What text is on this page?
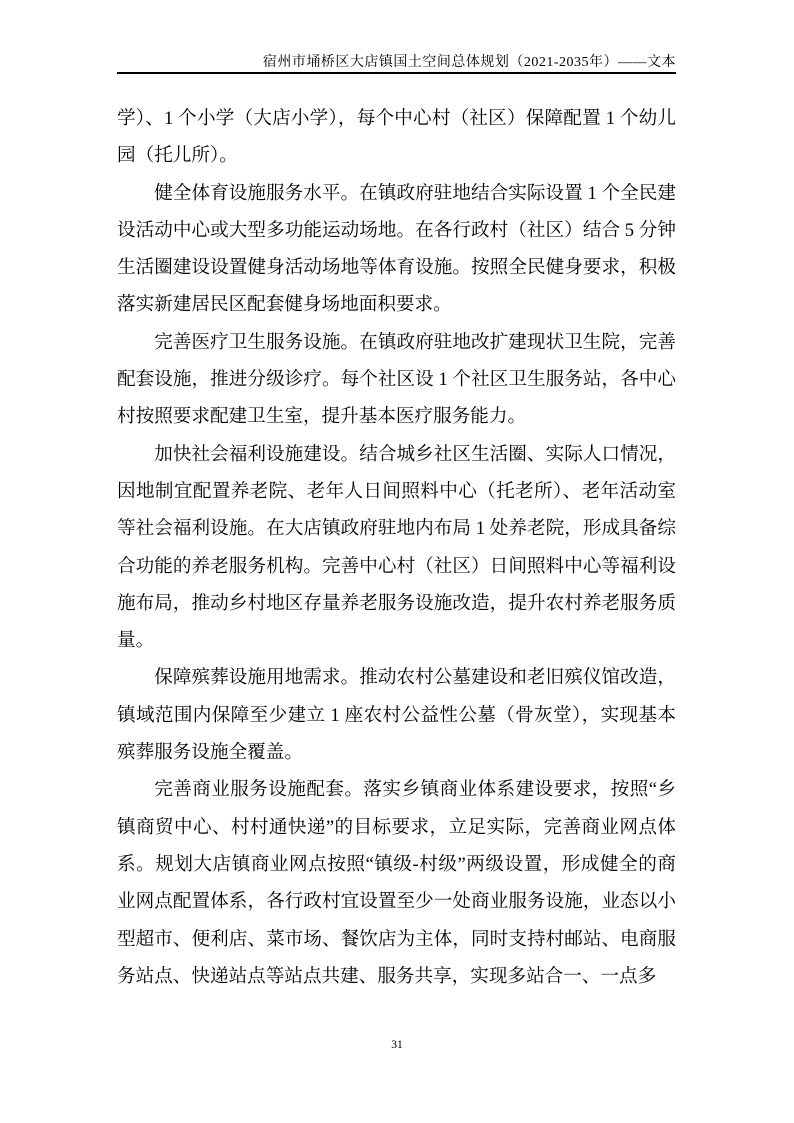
宿州市埇桥区大店镇国土空间总体规划（2021-2035年）——文本

学）、1 个小学（大店小学），每个中心村（社区）保障配置 1 个幼儿园（托儿所）。

健全体育设施服务水平。在镇政府驻地结合实际设置 1 个全民建设活动中心或大型多功能运动场地。在各行政村（社区）结合 5 分钟生活圈建设设置健身活动场地等体育设施。按照全民健身要求，积极落实新建居民区配套健身场地面积要求。

完善医疗卫生服务设施。在镇政府驻地改扩建现状卫生院，完善配套设施，推进分级诊疗。每个社区设 1 个社区卫生服务站，各中心村按照要求配建卫生室，提升基本医疗服务能力。

加快社会福利设施建设。结合城乡社区生活圈、实际人口情况，因地制宜配置养老院、老年人日间照料中心（托老所）、老年活动室等社会福利设施。在大店镇政府驻地内布局 1 处养老院，形成具备综合功能的养老服务机构。完善中心村（社区）日间照料中心等福利设施布局，推动乡村地区存量养老服务设施改造，提升农村养老服务质量。

保障殡葬设施用地需求。推动农村公墓建设和老旧殡仪馆改造，镇域范围内保障至少建立 1 座农村公益性公墓（骨灰堂），实现基本殡葬服务设施全覆盖。

完善商业服务设施配套。落实乡镇商业体系建设要求，按照“乡镇商贸中心、村村通快递”的目标要求，立足实际，完善商业网点体系。规划大店镇商业网点按照“镇级-村级”两级设置，形成健全的商业网点配置体系，各行政村宜设置至少一处商业服务设施，业态以小型超市、便利店、菜市场、餐饮店为主体，同时支持村邮站、电商服务站点、快递站点等站点共建、服务共享，实现多站合一、一点多

31
